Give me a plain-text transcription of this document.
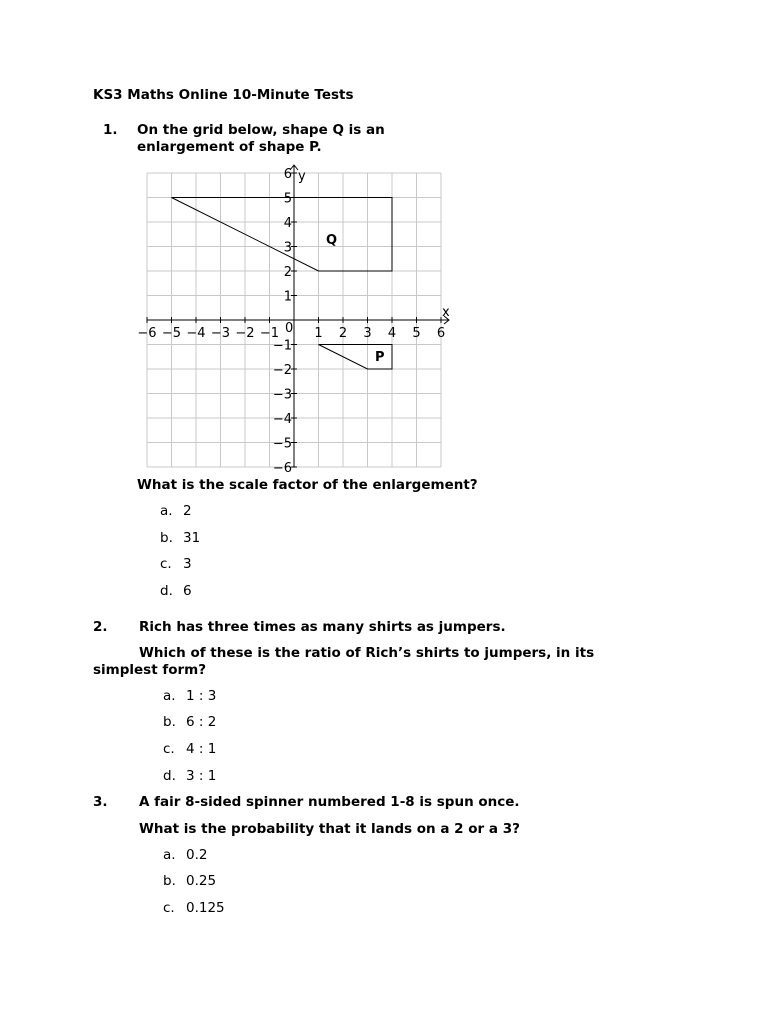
KS3 Maths Online 10-Minute Tests
1. On the grid below, shape Q is an
enlargement of shape P.
−6 −5 −4 −3 −2 −1	1 2 3 4 5 6
6
5
4
3
2
1
−1
−2
−3
−4
−5
−6
Q
P
x
y
0
What is the scale factor of the enlargement?
a. 2
b. 31
c. 3
d. 6
2. Rich has three times as many shirts as jumpers.
Which of these is the ratio of Rich’s shirts to jumpers, in its
simplest form?
a. 1 : 3
b. 6 : 2
c. 4 : 1
d. 3 : 1
3. A fair 8-sided spinner numbered 1-8 is spun once.
What is the probability that it lands on a 2 or a 3?
a. 0.2
b. 0.25
c. 0.125
